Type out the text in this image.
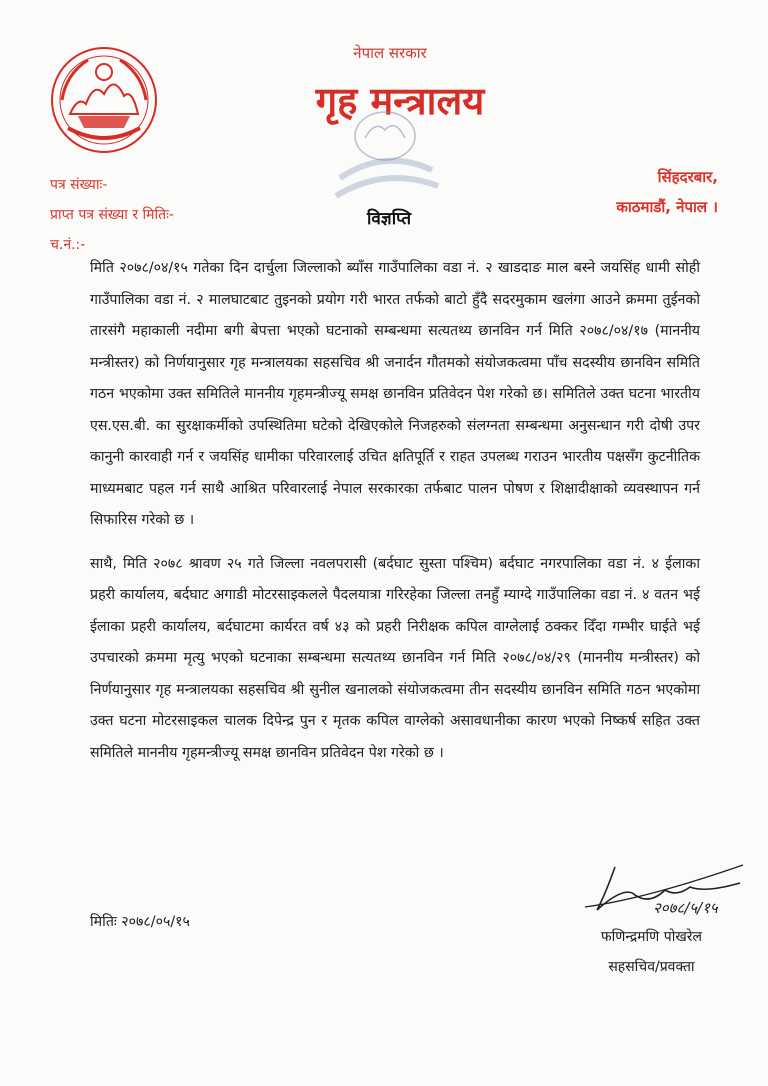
नेपाल सरकार
गृह मन्त्रालय
पत्र संख्याः-
प्राप्त पत्र संख्या र मितिः-
च.नं.:-
सिंहदरबार,
काठमाडौं, नेपाल ।
विज्ञप्ति

मिति २०७८/०४/१५ गतेका दिन दार्चुला जिल्लाको ब्याँस गाउँपालिका वडा नं. २ खाडदाङ माल बस्ने जयसिंह धामी सोही गाउँपालिका वडा नं. २ मालघाटबाट तुइनको प्रयोग गरी भारत तर्फको बाटो हुँदै सदरमुकाम खलंगा आउने क्रममा तुईनको तारसंगै महाकाली नदीमा बगी बेपत्ता भएको घटनाको सम्बन्धमा सत्यतथ्य छानविन गर्न मिति २०७८/०४/१७ (माननीय मन्त्रीस्तर) को निर्णयानुसार गृह मन्त्रालयका सहसचिव श्री जनार्दन गौतमको संयोजकत्वमा पाँच सदस्यीय छानविन समिति गठन भएकोमा उक्त समितिले माननीय गृहमन्त्रीज्यू समक्ष छानविन प्रतिवेदन पेश गरेको छ। समितिले उक्त घटना भारतीय एस.एस.बी. का सुरक्षाकर्मीको उपस्थितिमा घटेको देखिएकोले निजहरुको संलग्नता सम्बन्धमा अनुसन्धान गरी दोषी उपर कानुनी कारवाही गर्न र जयसिंह धामीका परिवारलाई उचित क्षतिपूर्ति र राहत उपलब्ध गराउन भारतीय पक्षसँग कुटनीतिक माध्यमबाट पहल गर्न साथै आश्रित परिवारलाई नेपाल सरकारका तर्फबाट पालन पोषण र शिक्षादीक्षाको व्यवस्थापन गर्न सिफारिस गरेको छ ।

साथै, मिति २०७८ श्रावण २५ गते जिल्ला नवलपरासी (बर्दघाट सुस्ता पश्चिम) बर्दघाट नगरपालिका वडा नं. ४ ईलाका प्रहरी कार्यालय, बर्दघाट अगाडी मोटरसाइकलले पैदलयात्रा गरिरहेका जिल्ला तनहुँ म्याग्दे गाउँपालिका वडा नं. ४ वतन भई ईलाका प्रहरी कार्यालय, बर्दघाटमा कार्यरत वर्ष ४३ को प्रहरी निरीक्षक कपिल वाग्लेलाई ठक्कर दिँदा गम्भीर घाईते भई उपचारको क्रममा मृत्यु भएको घटनाका सम्बन्धमा सत्यतथ्य छानविन गर्न मिति २०७८/०४/२९ (माननीय मन्त्रीस्तर) को निर्णयानुसार गृह मन्त्रालयका सहसचिव श्री सुनील खनालको संयोजकत्वमा तीन सदस्यीय छानविन समिति गठन भएकोमा उक्त घटना मोटरसाइकल चालक दिपेन्द्र पुन र मृतक कपिल वाग्लेको असावधानीका कारण भएको निष्कर्ष सहित उक्त समितिले माननीय गृहमन्त्रीज्यू समक्ष छानविन प्रतिवेदन पेश गरेको छ ।

मितिः २०७८/०५/१५
२०७८/५/१५
फणिन्द्रमणि पोखरेल
सहसचिव/प्रवक्ता
